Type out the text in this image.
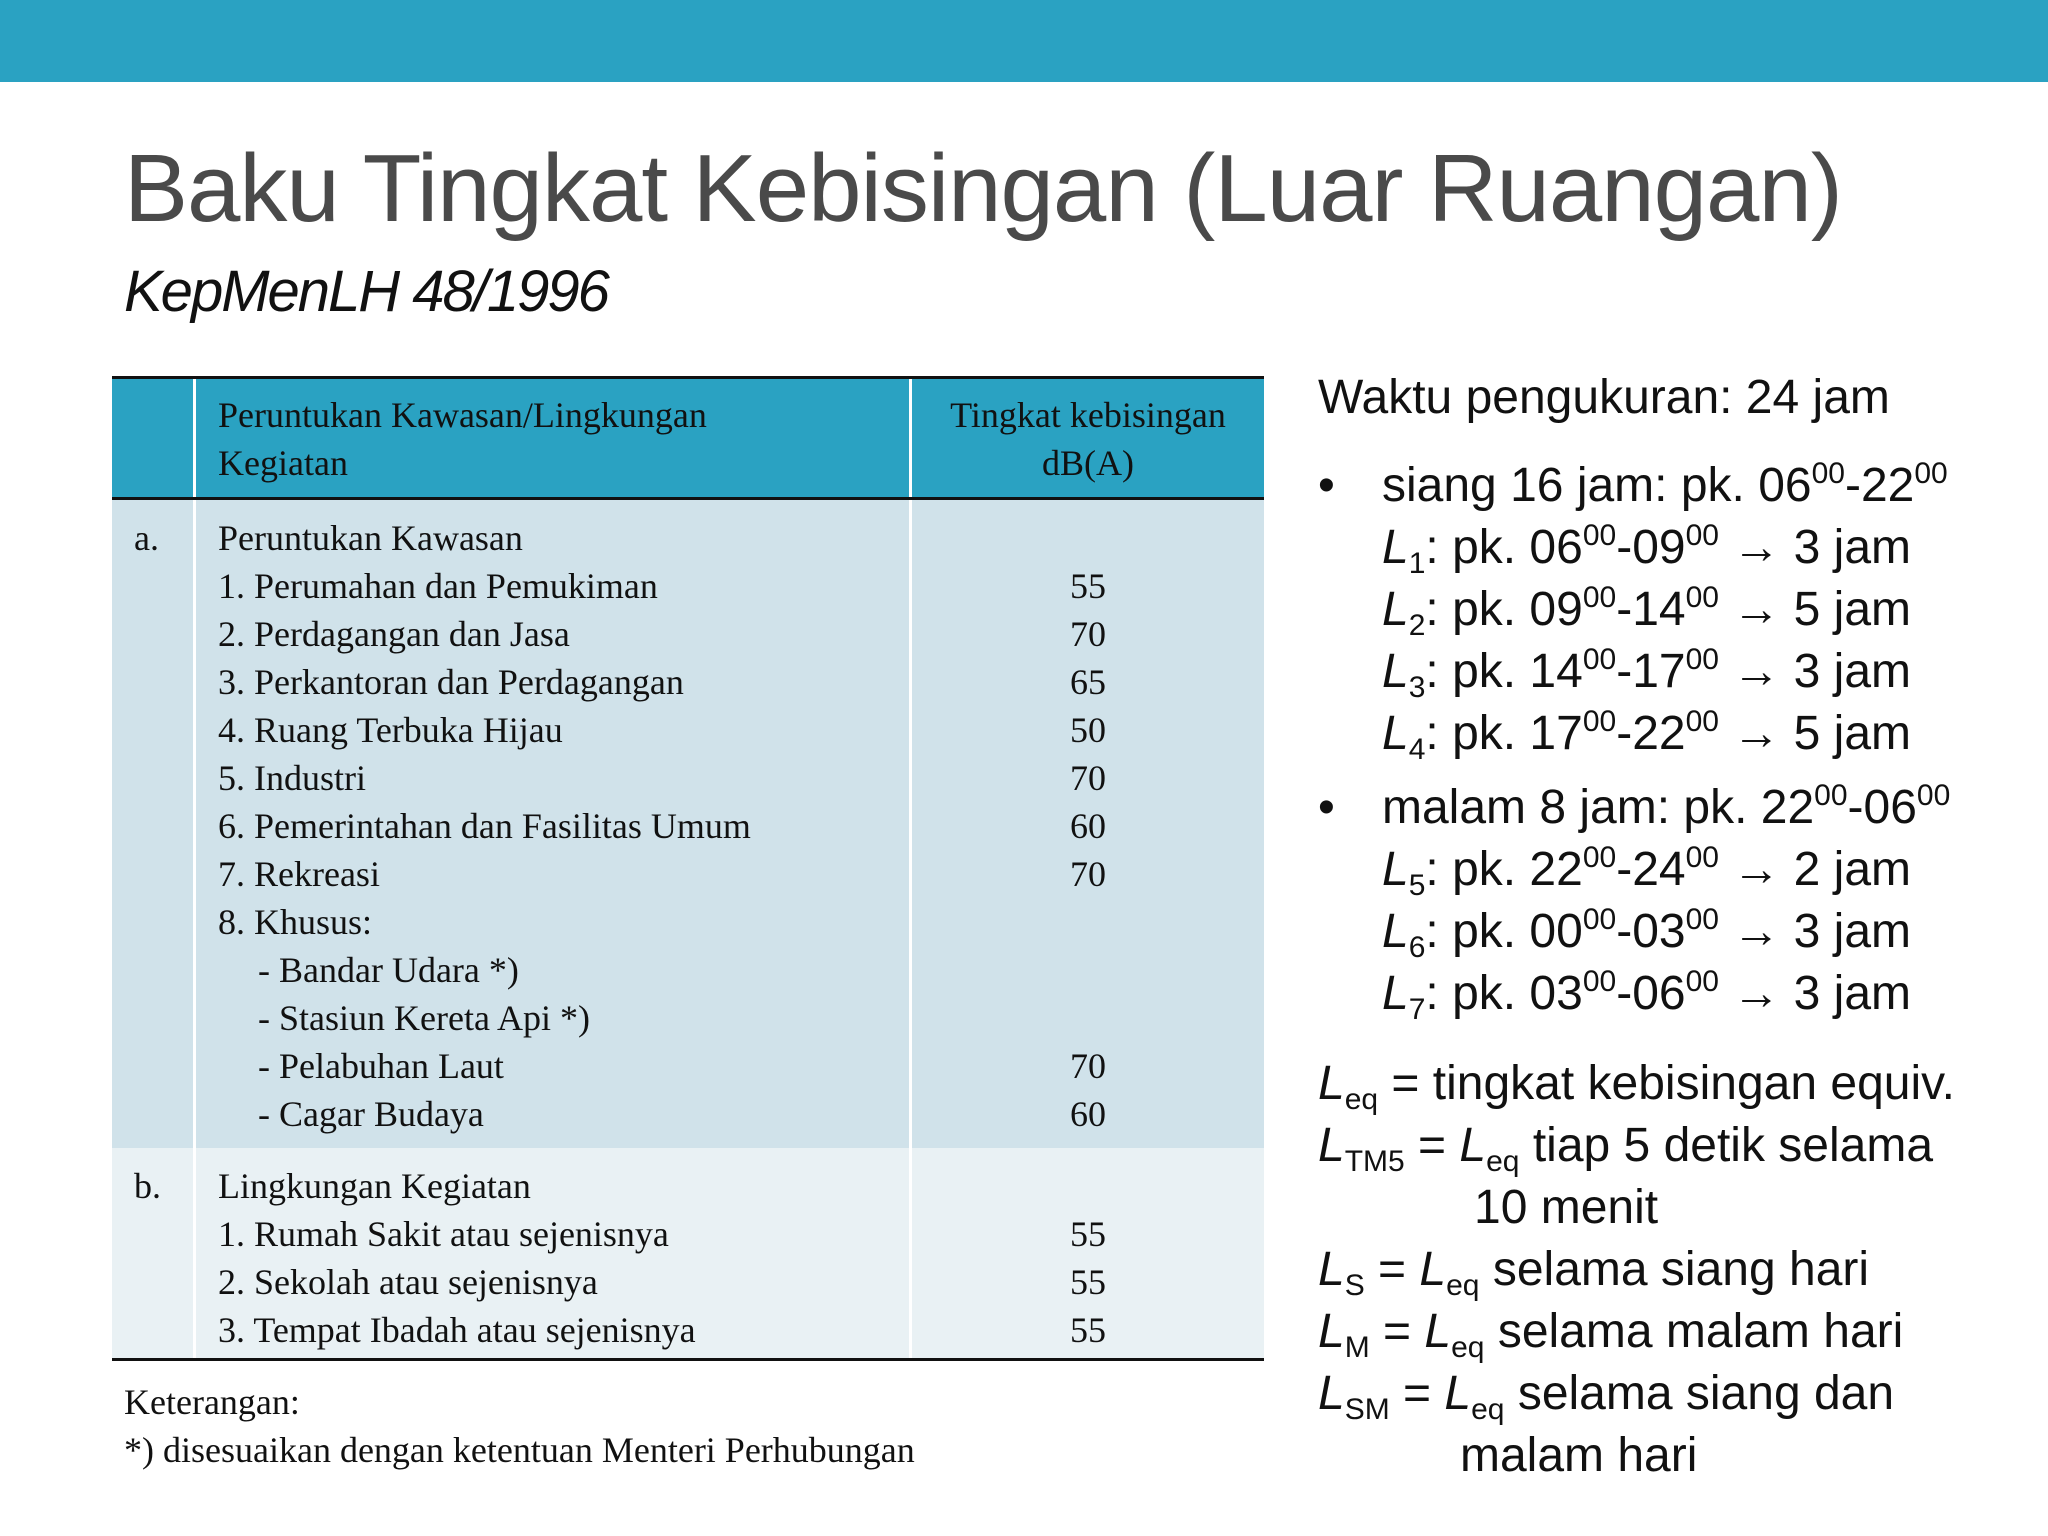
Baku Tingkat Kebisingan (Luar Ruangan)
KepMenLH 48/1996
Peruntukan Kawasan/Lingkungan
Kegiatan
Tingkat kebisingan
dB(A)
a.	Peruntukan Kawasan
1. Perumahan dan Pemukiman
2. Perdagangan dan Jasa
3. Perkantoran dan Perdagangan
4. Ruang Terbuka Hijau
5. Industri
6. Pemerintahan dan Fasilitas Umum
7. Rekreasi
8. Khusus:
- Bandar Udara *)
- Stasiun Kereta Api *)
- Pelabuhan Laut
- Cagar Budaya
55
70
65
50
70
60
70
70
60
b.	Lingkungan Kegiatan
1. Rumah Sakit atau sejenisnya
2. Sekolah atau sejenisnya
3. Tempat Ibadah atau sejenisnya
55
55
55
Keterangan:
*) disesuaikan dengan ketentuan Menteri Perhubungan
Waktu pengukuran: 24 jam
• siang 16 jam: pk. $06^{00}-22^{00}$
$L_1$: pk. $06^{00}-09^{00} \to 3$ jam
$L_2$: pk. $09^{00}-14^{00} \to 5$ jam
$L_3$: pk. $14^{00}-17^{00} \to 3$ jam
$L_4$: pk. $17^{00}-22^{00} \to 5$ jam
• malam 8 jam: pk. $22^{00}-06^{00}$
$L_5$: pk. $22^{00}-24^{00} \to 2$ jam
$L_6$: pk. $00^{00}-03^{00} \to 3$ jam
$L_7$: pk. $03^{00}-06^{00} \to 3$ jam
$L_{eq}$ = tingkat kebisingan equiv.
$L_{TM5} = L_{eq}$ tiap 5 detik selama
10 menit
$L_S = L_{eq}$ selama siang hari
$L_M = L_{eq}$ selama malam hari
$L_{SM} = L_{eq}$ selama siang dan
malam hari
